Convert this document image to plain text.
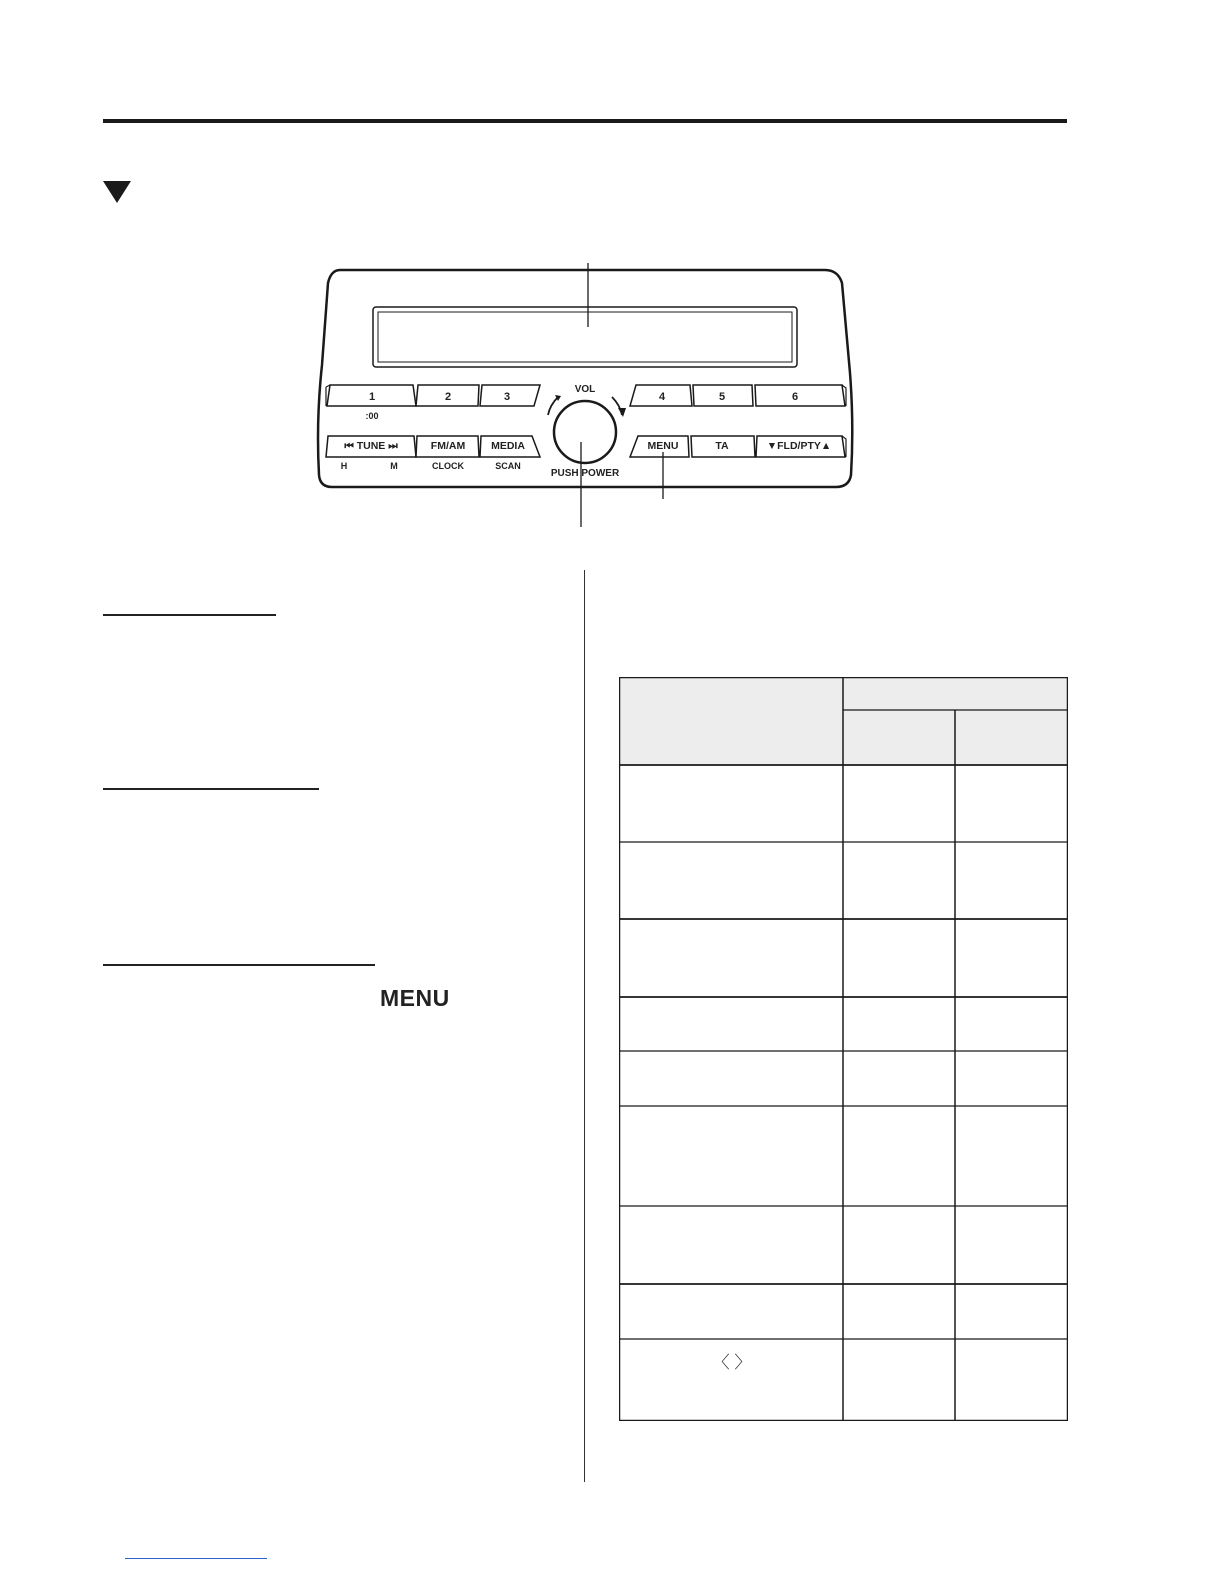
1
:00
2	3	4	5	6
VOL
PUSH POWER
⏮ TUNE ⏭
H	M
FM/AM
CLOCK
MEDIA
SCAN
MENU	TA	▼FLD/PTY▲
MENU
〈 〉
